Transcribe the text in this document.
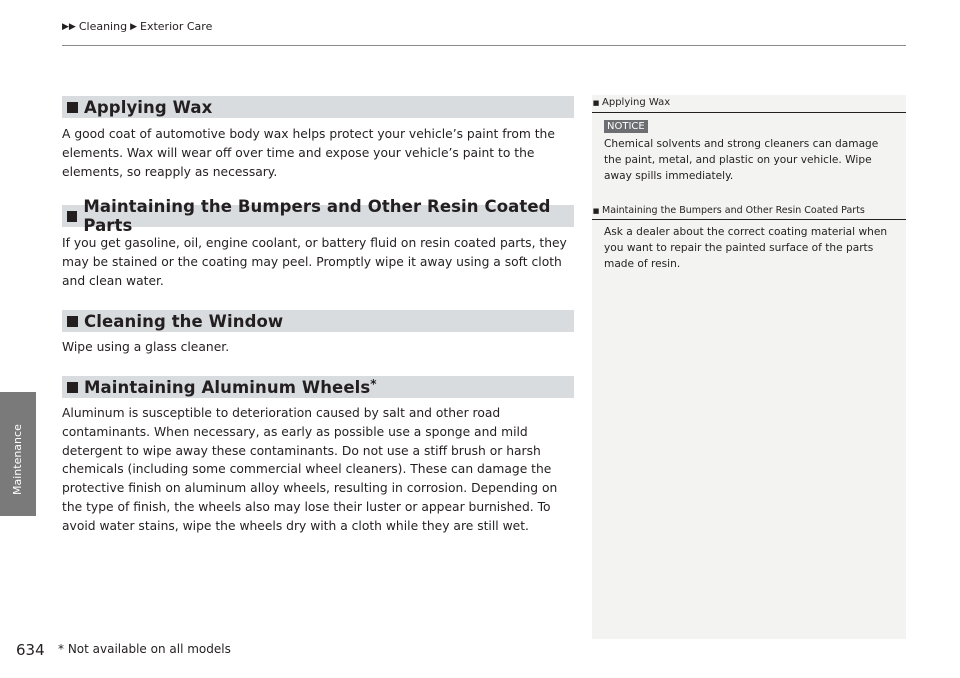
▶▶ Cleaning ▶ Exterior Care
Maintenance
Applying Wax
A good coat of automotive body wax helps protect your vehicle’s paint from the elements. Wax will wear off over time and expose your vehicle’s paint to the elements, so reapply as necessary.
Maintaining the Bumpers and Other Resin Coated Parts
If you get gasoline, oil, engine coolant, or battery fluid on resin coated parts, they may be stained or the coating may peel. Promptly wipe it away using a soft cloth and clean water.
Cleaning the Window
Wipe using a glass cleaner.
Maintaining Aluminum Wheels *
Aluminum is susceptible to deterioration caused by salt and other road contaminants. When necessary, as early as possible use a sponge and mild detergent to wipe away these contaminants. Do not use a stiff brush or harsh chemicals (including some commercial wheel cleaners). These can damage the protective finish on aluminum alloy wheels, resulting in corrosion. Depending on the type of finish, the wheels also may lose their luster or appear burnished. To avoid water stains, wipe the wheels dry with a cloth while they are still wet.
■ Applying Wax
NOTICE
Chemical solvents and strong cleaners can damage the paint, metal, and plastic on your vehicle. Wipe away spills immediately.
■ Maintaining the Bumpers and Other Resin Coated Parts
Ask a dealer about the correct coating material when you want to repair the painted surface of the parts made of resin.
634 * Not available on all models
